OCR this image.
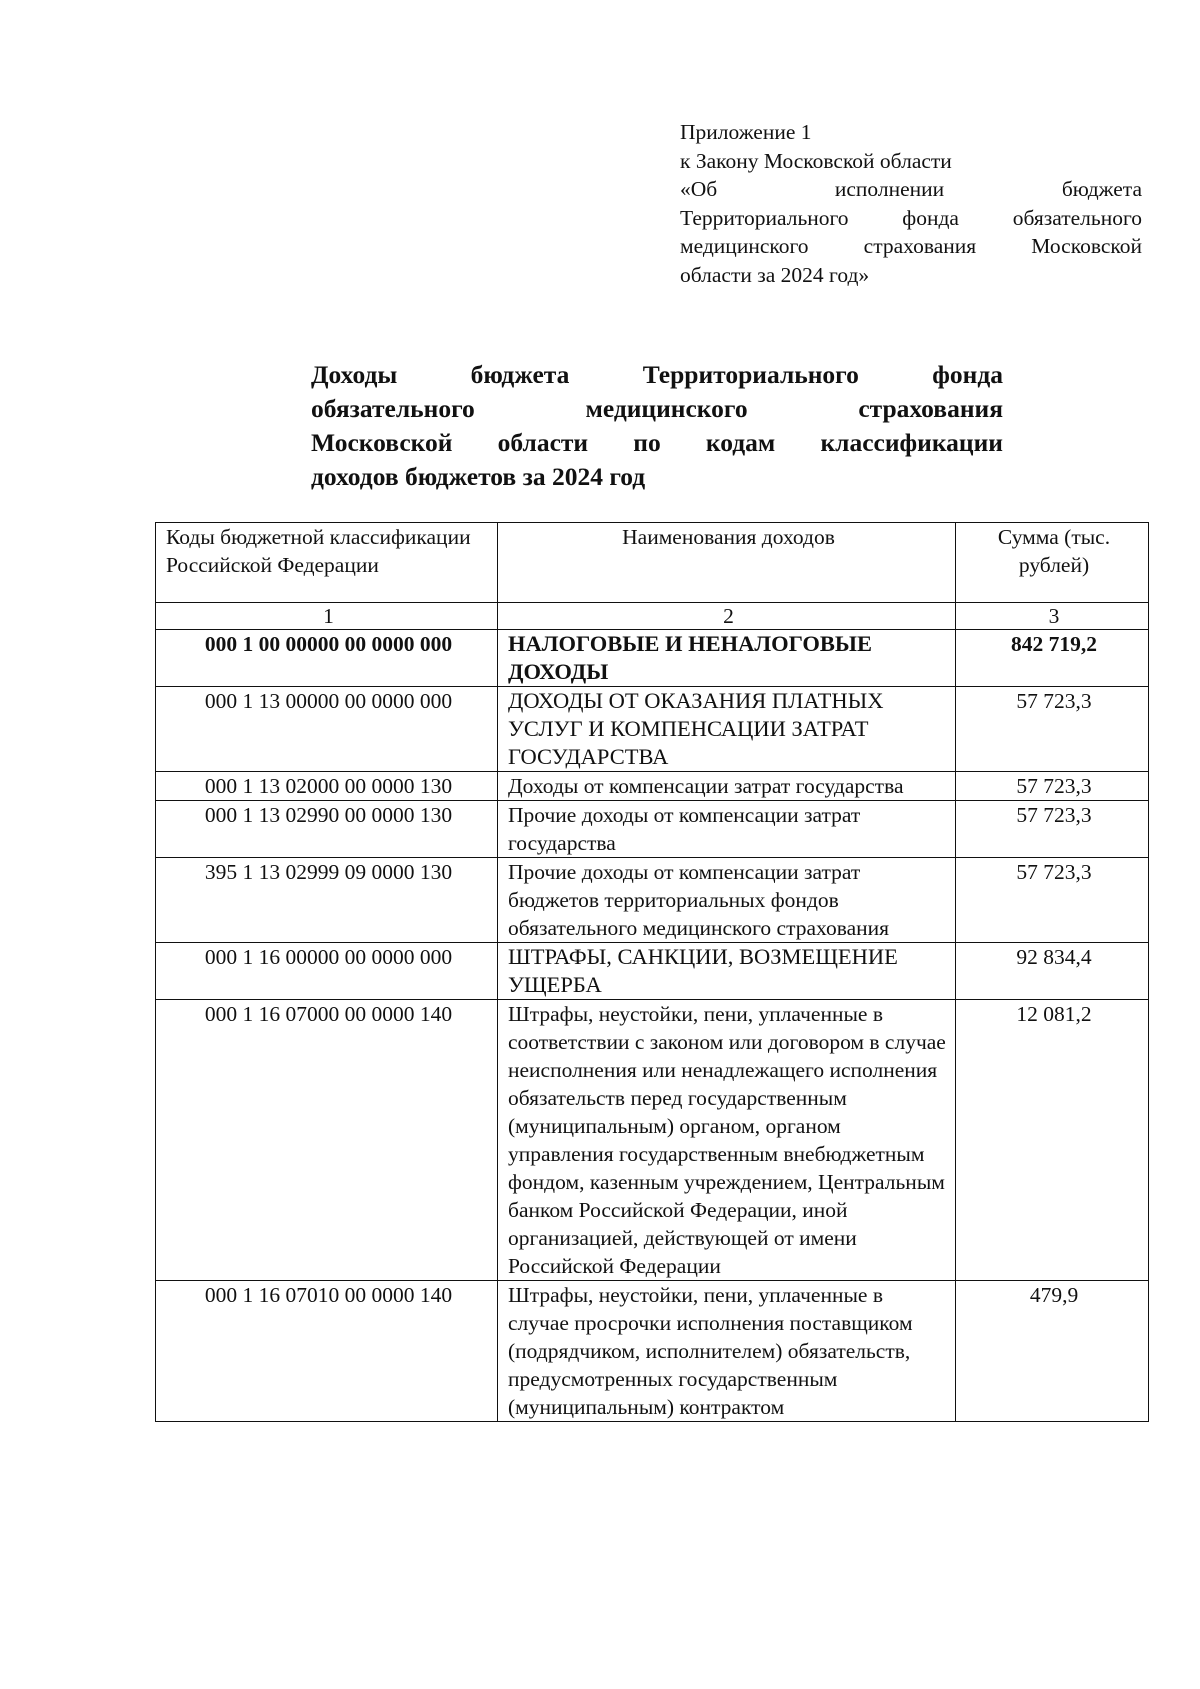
Приложение 1
к Закону Московской области
«Об исполнении бюджета
Территориального фонда обязательного
медицинского страхования Московской
области за 2024 год»
Доходы бюджета Территориального фонда
обязательного медицинского страхования
Московской области по кодам классификации
доходов бюджетов за 2024 год
Коды бюджетной классификации Российской Федерации	Наименования доходов	Сумма (тыс. рублей)
1	2	3
000 1 00 00000 00 0000 000	НАЛОГОВЫЕ И НЕНАЛОГОВЫЕ ДОХОДЫ	842 719,2
000 1 13 00000 00 0000 000	ДОХОДЫ ОТ ОКАЗАНИЯ ПЛАТНЫХ УСЛУГ И КОМПЕНСАЦИИ ЗАТРАТ ГОСУДАРСТВА	57 723,3
000 1 13 02000 00 0000 130	Доходы от компенсации затрат государства	57 723,3
000 1 13 02990 00 0000 130	Прочие доходы от компенсации затрат государства	57 723,3
395 1 13 02999 09 0000 130	Прочие доходы от компенсации затрат бюджетов территориальных фондов обязательного медицинского страхования	57 723,3
000 1 16 00000 00 0000 000	ШТРАФЫ, САНКЦИИ, ВОЗМЕЩЕНИЕ УЩЕРБА	92 834,4
000 1 16 07000 00 0000 140	Штрафы, неустойки, пени, уплаченные в соответствии с законом или договором в случае неисполнения или ненадлежащего исполнения обязательств перед государственным (муниципальным) органом, органом управления государственным внебюджетным фондом, казенным учреждением, Центральным банком Российской Федерации, иной организацией, действующей от имени Российской Федерации	12 081,2
000 1 16 07010 00 0000 140	Штрафы, неустойки, пени, уплаченные в случае просрочки исполнения поставщиком (подрядчиком, исполнителем) обязательств, предусмотренных государственным (муниципальным) контрактом	479,9
